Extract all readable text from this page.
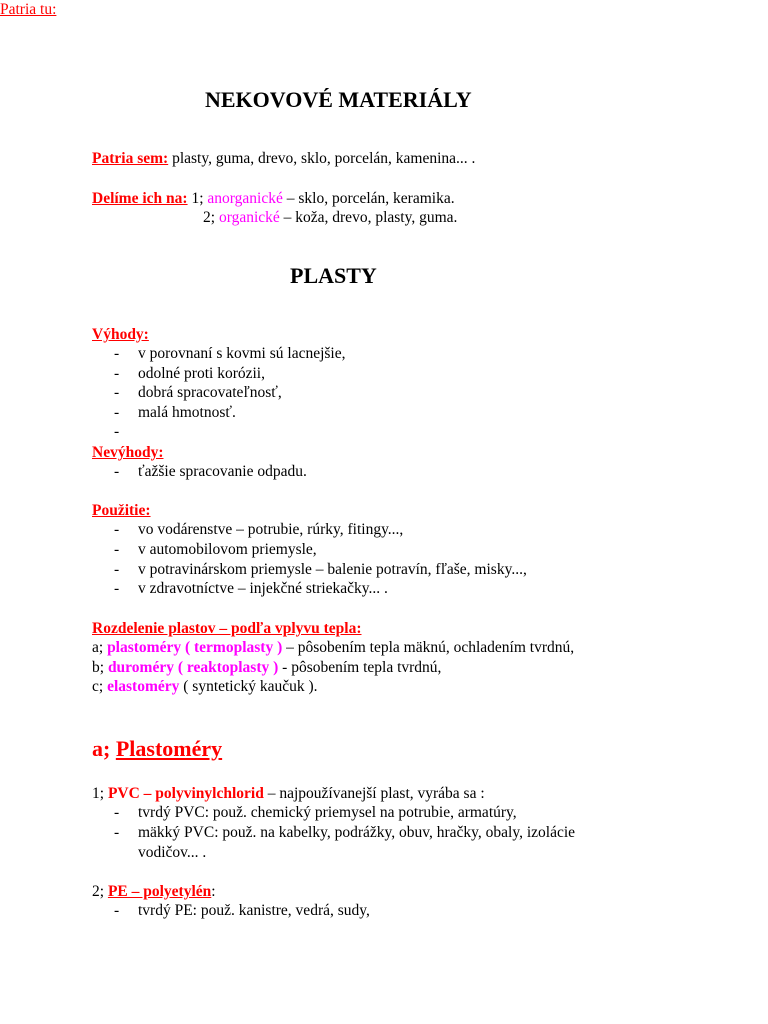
NEKOVOVÉ MATERIÁLY
Patria sem: plasty, guma, drevo, sklo, porcelán, kamenina... .
Delíme ich na: 1; anorganické – sklo, porcelán, keramika.
2; organické – koža, drevo, plasty, guma.
PLASTY
Výhody:
- v porovnaní s kovmi sú lacnejšie,
- odolné proti korózii,
- dobrá spracovateľnosť,
- malá hmotnosť.
-
Nevýhody:
- ťažšie spracovanie odpadu.
Použitie:
- vo vodárenstve – potrubie, rúrky, fitingy...,
- v automobilovom priemysle,
- v potravinárskom priemysle – balenie potravín, fľaše, misky...,
- v zdravotníctve – injekčné striekačky... .
Rozdelenie plastov – podľa vplyvu tepla:
a; plastoméry ( termoplasty ) – pôsobením tepla mäknú, ochladením tvrdnú,
b; duroméry ( reaktoplasty ) - pôsobením tepla tvrdnú,
c; elastoméry ( syntetický kaučuk ).
a; Plastoméry
Patria tu:
1; PVC – polyvinylchlorid – najpoužívanejší plast, vyrába sa :
- tvrdý PVC: použ. chemický priemysel na potrubie, armatúry,
- mäkký PVC: použ. na kabelky, podrážky, obuv, hračky, obaly, izolácie
vodičov... .
2; PE – polyetylén:
- tvrdý PE: použ. kanistre, vedrá, sudy,
